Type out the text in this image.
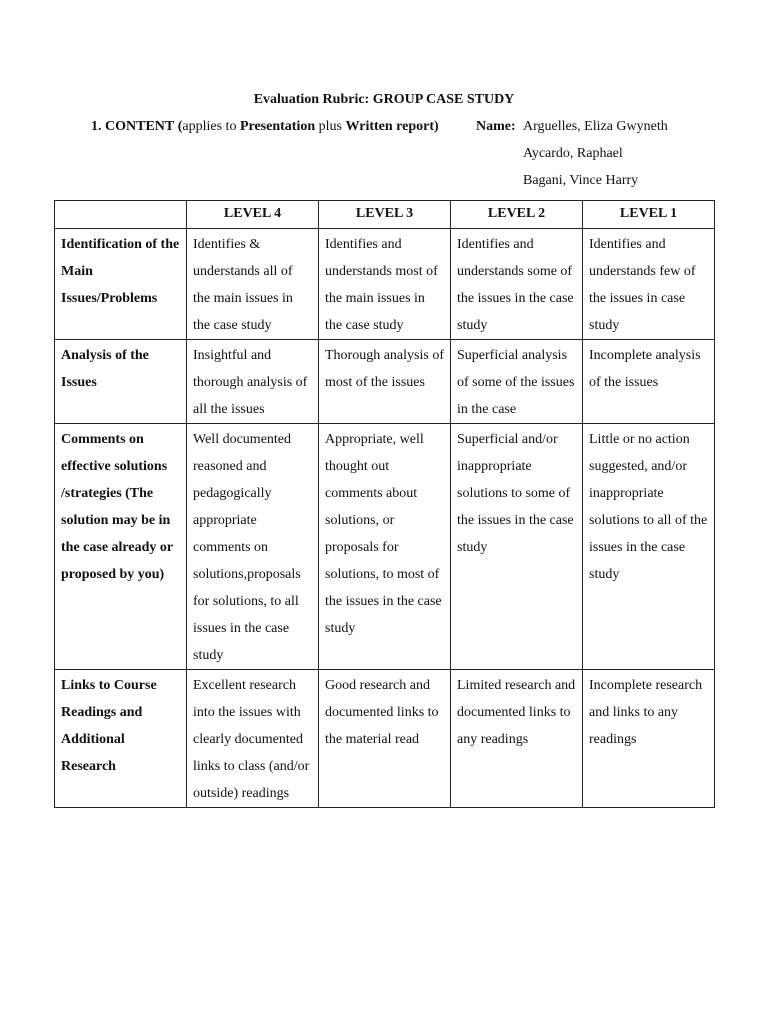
Evaluation Rubric: GROUP CASE STUDY
1. CONTENT (applies to Presentation plus Written report)	Name: Arguelles, Eliza Gwyneth
Aycardo, Raphael
Bagani, Vince Harry
	LEVEL 4	LEVEL 3	LEVEL 2	LEVEL 1
Identification of the Main Issues/Problems	Identifies & understands all of the main issues in the case study	Identifies and understands most of the main issues in the case study	Identifies and understands some of the issues in the case study	Identifies and understands few of the issues in case study
Analysis of the Issues	Insightful and thorough analysis of all the issues	Thorough analysis of most of the issues	Superficial analysis of some of the issues in the case	Incomplete analysis of the issues
Comments on effective solutions /strategies (The solution may be in the case already or proposed by you)	Well documented reasoned and pedagogically appropriate comments on solutions,proposals for solutions, to all issues in the case study	Appropriate, well thought out comments about solutions, or proposals for solutions, to most of the issues in the case study	Superficial and/or inappropriate solutions to some of the issues in the case study	Little or no action suggested, and/or inappropriate solutions to all of the issues in the case study
Links to Course Readings and Additional Research	Excellent research into the issues with clearly documented links to class (and/or outside) readings	Good research and documented links to the material read	Limited research and documented links to any readings	Incomplete research and links to any readings
